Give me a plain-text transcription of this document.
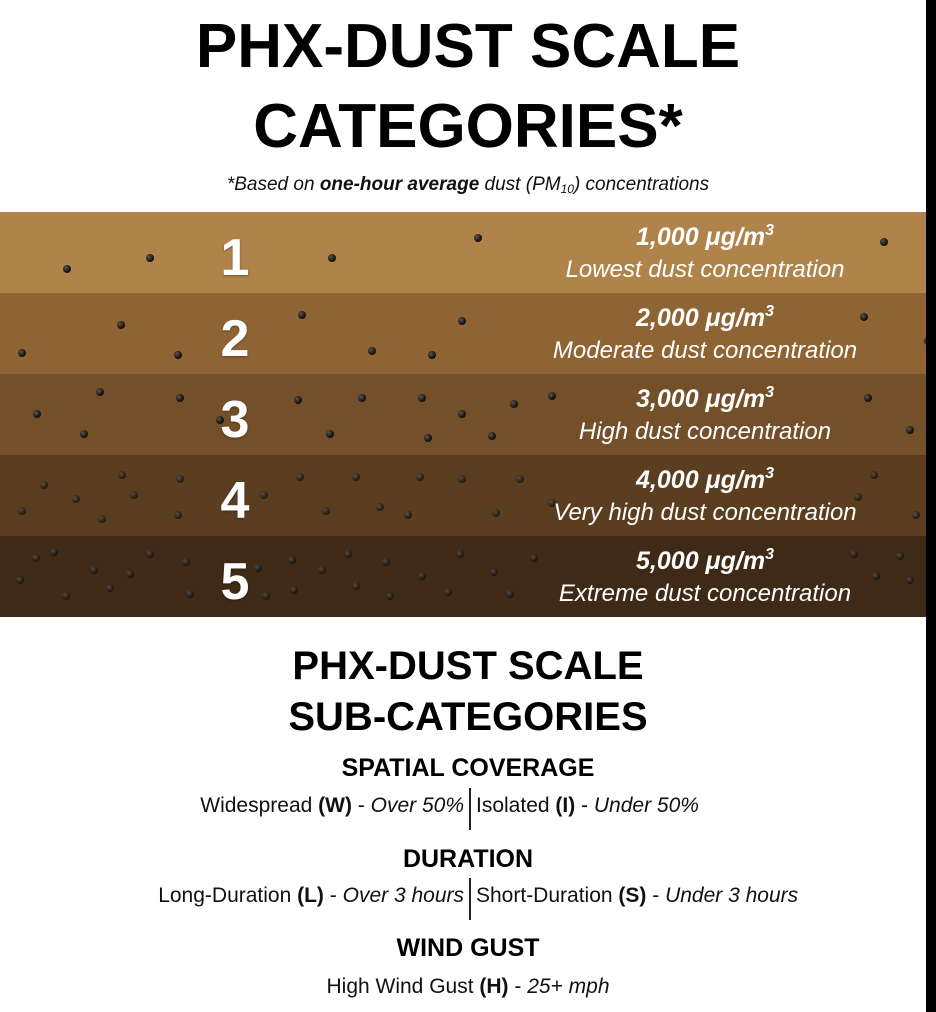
PHX-DUST SCALE
CATEGORIES*
*Based on one-hour average dust $(PM_{10})$ concentrations
1	1,000 $\mu g/m^3$
Lowest dust concentration
2	2,000 $\mu g/m^3$
Moderate dust concentration
3	3,000 $\mu g/m^3$
High dust concentration
4	4,000 $\mu g/m^3$
Very high dust concentration
5	5,000 $\mu g/m^3$
Extreme dust concentration
PHX-DUST SCALE
SUB-CATEGORIES
SPATIAL COVERAGE
Widespread (W) - Over 50% Isolated (I) - Under 50%
DURATION
Long-Duration (L) - Over 3 hours Short-Duration (S) - Under 3 hours
WIND GUST
High Wind Gust (H) - 25+ mph
